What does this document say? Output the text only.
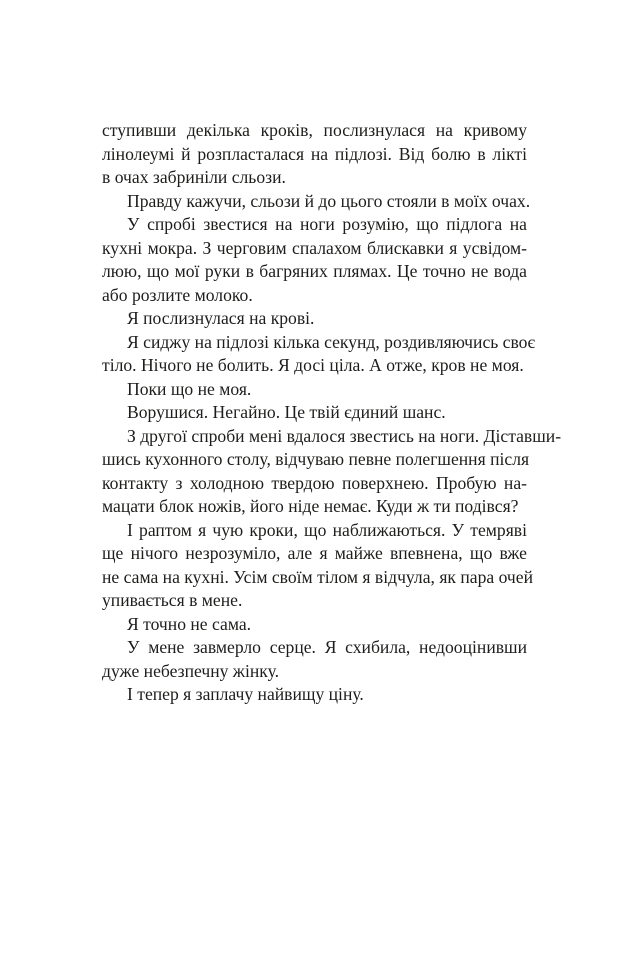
ступивши декілька кроків, послизнулася на кривому
лінолеумі й розпласталася на підлозі. Від болю в лікті
в очах забриніли сльози.
Правду кажучи, сльози й до цього стояли в моїх очах.
У спробі звестися на ноги розумію, що підлога на
кухні мокра. З черговим спалахом блискавки я усвідом-
люю, що мої руки в багряних плямах. Це точно не вода
або розлите молоко.
Я послизнулася на крові.
Я сиджу на підлозі кілька секунд, роздивляючись своє
тіло. Нічого не болить. Я досі ціла. А отже, кров не моя.
Поки що не моя.
Ворушися. Негайно. Це твій єдиний шанс.
З другої спроби мені вдалося звестись на ноги. Діставши-
шись кухонного столу, відчуваю певне полегшення після
контакту з холодною твердою поверхнею. Пробую на-
мацати блок ножів, його ніде немає. Куди ж ти подівся?
І раптом я чую кроки, що наближаються. У темряві
ще нічого незрозуміло, але я майже впевнена, що вже
не сама на кухні. Усім своїм тілом я відчула, як пара очей
упивається в мене.
Я точно не сама.
У мене завмерло серце. Я схибила, недооцінивши
дуже небезпечну жінку.
І тепер я заплачу найвищу ціну.
